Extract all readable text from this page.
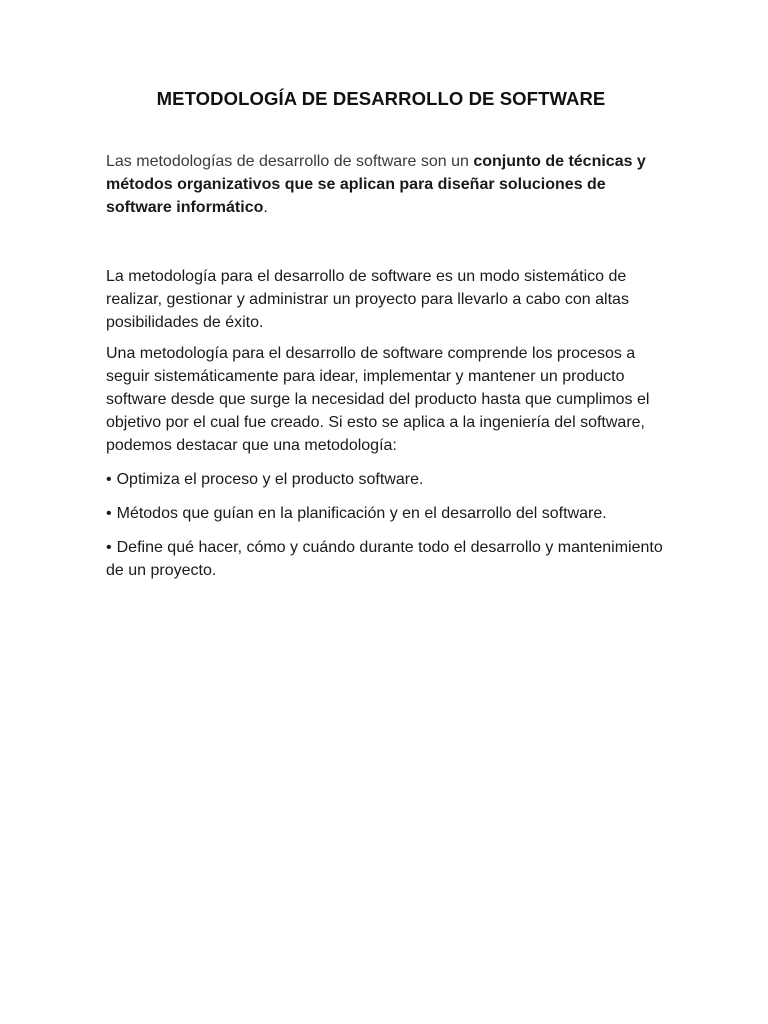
METODOLOGÍA DE DESARROLLO DE SOFTWARE

Las metodologías de desarrollo de software son un conjunto de técnicas y métodos organizativos que se aplican para diseñar soluciones de software informático.

La metodología para el desarrollo de software es un modo sistemático de realizar, gestionar y administrar un proyecto para llevarlo a cabo con altas posibilidades de éxito.

Una metodología para el desarrollo de software comprende los procesos a seguir sistemáticamente para idear, implementar y mantener un producto software desde que surge la necesidad del producto hasta que cumplimos el objetivo por el cual fue creado. Si esto se aplica a la ingeniería del software, podemos destacar que una metodología:

• Optimiza el proceso y el producto software.

• Métodos que guían en la planificación y en el desarrollo del software.

• Define qué hacer, cómo y cuándo durante todo el desarrollo y mantenimiento de un proyecto.
